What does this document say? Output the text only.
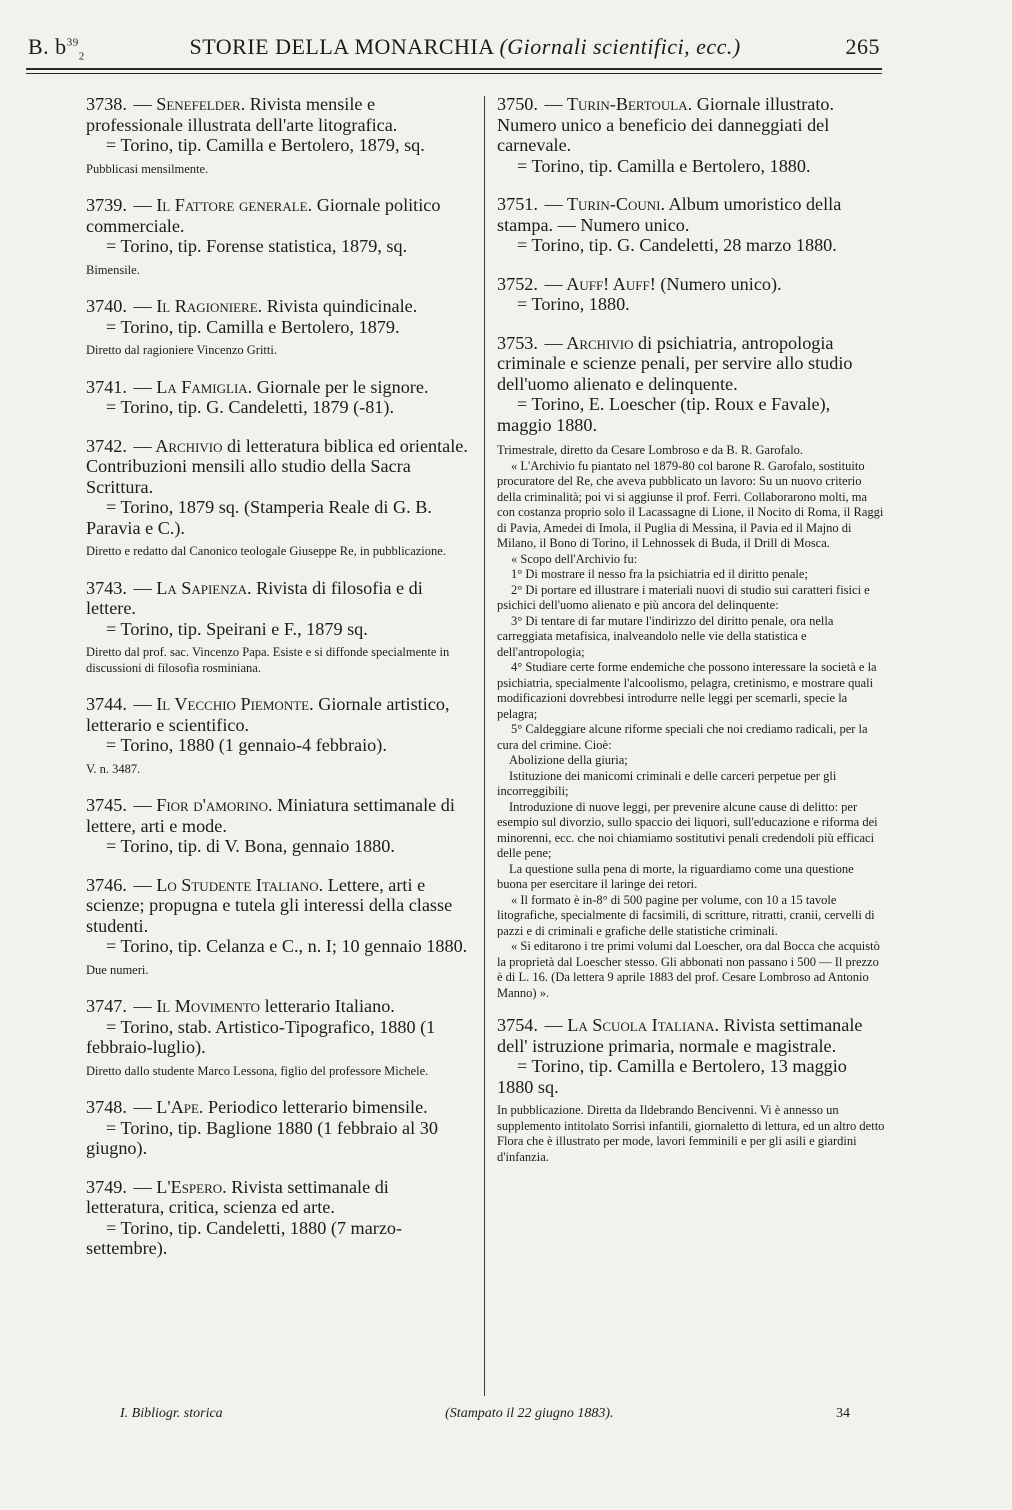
B. $b^{39}_2$	STORIE DELLA MONARCHIA (Giornali scientifici, ecc.)	265

3738. — Senefelder. Rivista mensile e professionale illustrata dell'arte litografica.

= Torino, tip. Camilla e Bertolero, 1879, sq.

Pubblicasi mensilmente.

3739. — Il Fattore generale. Giornale politico commerciale.

= Torino, tip. Forense statistica, 1879, sq.

Bimensile.

3740. — Il Ragioniere. Rivista quindicinale.

= Torino, tip. Camilla e Bertolero, 1879.

Diretto dal ragioniere Vincenzo Gritti.

3741. — La Famiglia. Giornale per le signore.

= Torino, tip. G. Candeletti, 1879 (-81).

3742. — Archivio di letteratura biblica ed orientale. Contribuzioni mensili allo studio della Sacra Scrittura.

= Torino, 1879 sq. (Stamperia Reale di G. B. Paravia e C.).

Diretto e redatto dal Canonico teologale Giuseppe Re, in pubblicazione.

3743. — La Sapienza. Rivista di filosofia e di lettere.

= Torino, tip. Speirani e F., 1879 sq.

Diretto dal prof. sac. Vincenzo Papa. Esiste e si diffonde specialmente in discussioni di filosofia rosminiana.

3744. — Il Vecchio Piemonte. Giornale artistico, letterario e scientifico.

= Torino, 1880 (1 gennaio-4 febbraio).

V. n. 3487.

3745. — Fior d'amorino. Miniatura settimanale di lettere, arti e mode.

= Torino, tip. di V. Bona, gennaio 1880.

3746. — Lo Studente Italiano. Lettere, arti e scienze; propugna e tutela gli interessi della classe studenti.

= Torino, tip. Celanza e C., n. I; 10 gennaio 1880.

Due numeri.

3747. — Il Movimento letterario Italiano.

= Torino, stab. Artistico-Tipografico, 1880 (1 febbraio-luglio).

Diretto dallo studente Marco Lessona, figlio del professore Michele.

3748. — L'Ape. Periodico letterario bimensile.

= Torino, tip. Baglione 1880 (1 febbraio al 30 giugno).

3749. — L'Espero. Rivista settimanale di letteratura, critica, scienza ed arte.

= Torino, tip. Candeletti, 1880 (7 marzo-settembre).

3750. — Turin-Bertoula. Giornale illustrato. Numero unico a beneficio dei danneggiati del carnevale.

= Torino, tip. Camilla e Bertolero, 1880.

3751. — Turin-Couni. Album umoristico della stampa. — Numero unico.

= Torino, tip. G. Candeletti, 28 marzo 1880.

3752. — Auff! Auff! (Numero unico).

= Torino, 1880.

3753. — Archivio di psichiatria, antropologia criminale e scienze penali, per servire allo studio dell'uomo alienato e delinquente.

= Torino, E. Loescher (tip. Roux e Favale), maggio 1880.

Trimestrale, diretto da Cesare Lombroso e da B. R. Garofalo.

« L'Archivio fu piantato nel 1879-80 col barone R. Garofalo, sostituito procuratore del Re, che aveva pubblicato un lavoro: Su un nuovo criterio della criminalità; poi vi si aggiunse il prof. Ferri. Collaborarono molti, ma con costanza proprio solo il Lacassagne di Lione, il Nocito di Roma, il Raggi di Pavia, Amedei di Imola, il Puglia di Messina, il Pavia ed il Majno di Milano, il Bono di Torino, il Lehnossek di Buda, il Drill di Mosca.

« Scopo dell'Archivio fu:

1° Di mostrare il nesso fra la psichiatria ed il diritto penale;

2° Di portare ed illustrare i materiali nuovi di studio sui caratteri fisici e psichici dell'uomo alienato e più ancora del delinquente:

3° Di tentare di far mutare l'indirizzo del diritto penale, ora nella carreggiata metafisica, inalveandolo nelle vie della statistica e dell'antropologia;

4° Studiare certe forme endemiche che possono interessare la società e la psichiatria, specialmente l'alcoolismo, pelagra, cretinismo, e mostrare quali modificazioni dovrebbesi introdurre nelle leggi per scemarli, specie la pelagra;

5° Caldeggiare alcune riforme speciali che noi crediamo radicali, per la cura del crimine. Cioè:

Abolizione della giuria;

Istituzione dei manicomi criminali e delle carceri perpetue per gli incorreggibili;

Introduzione di nuove leggi, per prevenire alcune cause di delitto: per esempio sul divorzio, sullo spaccio dei liquori, sull'educazione e riforma dei minorenni, ecc. che noi chiamiamo sostitutivi penali credendoli più efficaci delle pene;

La questione sulla pena di morte, la riguardiamo come una questione buona per esercitare il laringe dei retori.

« Il formato è in-8° di 500 pagine per volume, con 10 a 15 tavole litografiche, specialmente di facsimili, di scritture, ritratti, cranii, cervelli di pazzi e di criminali e grafiche delle statistiche criminali.

« Si editarono i tre primi volumi dal Loescher, ora dal Bocca che acquistò la proprietà dal Loescher stesso. Gli abbonati non passano i 500 — Il prezzo è di L. 16. (Da lettera 9 aprile 1883 del prof. Cesare Lombroso ad Antonio Manno) ».

3754. — La Scuola Italiana. Rivista settimanale dell' istruzione primaria, normale e magistrale.

= Torino, tip. Camilla e Bertolero, 13 maggio 1880 sq.

In pubblicazione. Diretta da Ildebrando Bencivenni. Vi è annesso un supplemento intitolato Sorrisi infantili, giornaletto di lettura, ed un altro detto Flora che è illustrato per mode, lavori femminili e per gli asili e giardini d'infanzia.
I. Bibliogr. storica	(Stampato il 22 giugno 1883).	34
